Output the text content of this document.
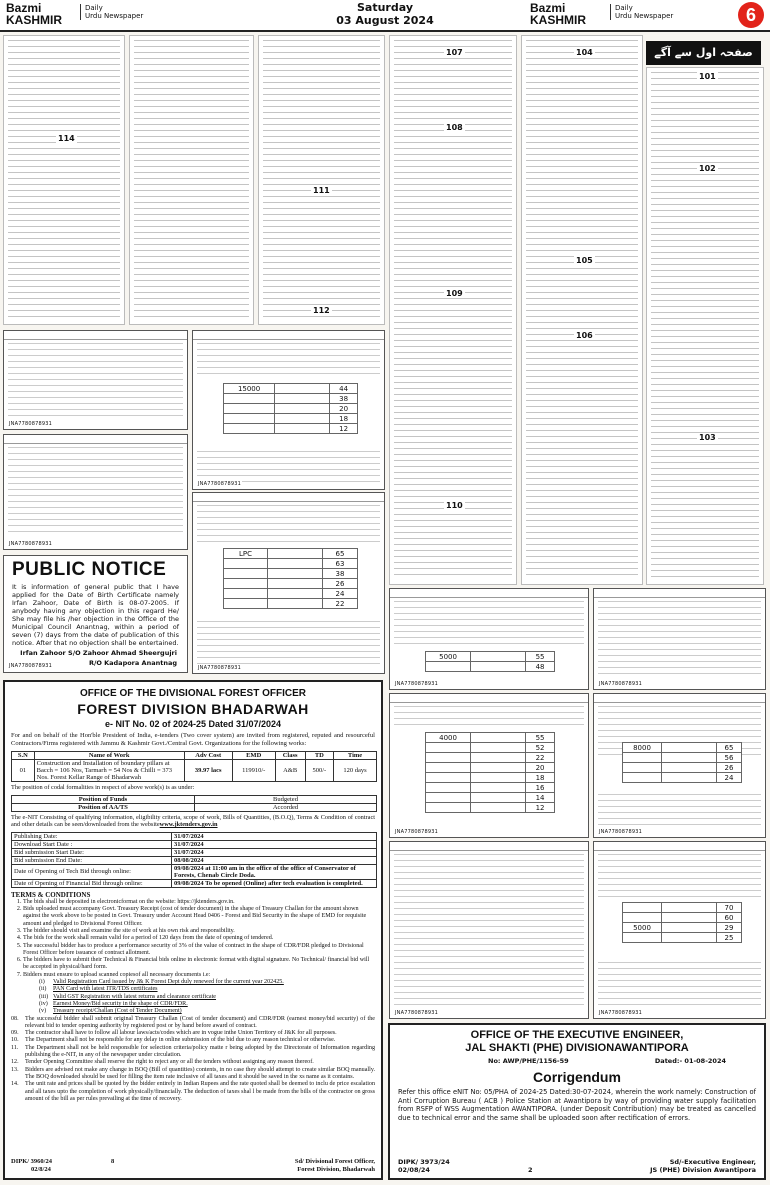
Bazmi
KASHMIR
Daily
Urdu Newspaper
Saturday
03 August 2024
Bazmi
KASHMIR
Daily
Urdu Newspaper	6
114
111
112
107
108
109
110
104
105
106
صفحہ اول سے آگے
101
102
103
JNA7780878931
JNA7780878931
15000		44
		38
		20
		18
		12
JNA7780878931
LPC		65
		63
		38
		26
		24
		22
JNA7780878931
PUBLIC NOTICE

It is information of general public that I have applied for the Date of Birth Certificate namely Irfan Zahoor, Date of Birth is 08-07-2005. If anybody having any objection in this regard He/ She may file his /her objection in the Office of the Municipal Council Anantnag, within a period of seven (7) days from the date of publication of this notice. After that no objection shall be entertained.

Irfan Zahoor S/O Zahoor Ahmad Sheergujri

R/O Kadapora Anantnag

JNA7780878931
5000		55
		48
JNA7780878931	JNA7780878931
4000		55
		52
		22
		20
		18
		16
		14
		12
JNA7780878931
8000		65
		56
		26
		24
JNA7780878931
JNA7780878931
		70
		60
5000		29
		25
JNA7780878931
OFFICE OF THE DIVISIONAL FOREST OFFICER
FOREST DIVISION BHADARWAH
e- NIT No. 02 of 2024-25 Dated 31/07/2024
For and on behalf of the Hon'ble President of India, e-tenders (Two cover system) are invited from registered, reputed and resourceful Contractors/Firms registered with Jammu & Kashmir Govt./Central Govt. Organizations for the following works:
S.N	Name of Work	Adv Cost	EMD	Class	TD	Time
01	Construction and Installation of boundary pillars at Bacch = 106 Nos, Tarmarh = 54 Nos & Chilli = 373 Nos. Forest Kellar Range of Bhadarwah	39.97 lacs	119910/-	A&B	500/-	120 days
The position of codal formalities in respect of above work(s) is as under:
Position of Funds	Budgeted
Position of AA/TS	Accorded
The e-NIT Consisting of qualifying information, eligibility criteria, scope of work, Bills of Quantities, (B.O.Q), Terms & Condition of contract and other details can be seen/downloaded from the websitewww.jktenders.gov.in
Publishing Date:	31/07/2024
Download Start Date :	31/07/2024
Bid submission Start Date:	31/07/2024
Bid submission End Date:	08/08/2024
Date of Opening of Tech Bid through online:	09/08/2024 at 11:00 am in the office of the office of Conservator of Forests, Chenab Circle Doda.
Date of Opening of Financial Bid through online:	09/08/2024 To be opened (Online) after tech evaluation is completed.
TERMS & CONDITIONS
1. The bids shall be deposited in electronicformat on the website: https://jktenders.gov.in.
2. Bids uploaded must accompany Govt. Treasury Receipt (cost of tender document) in the shape of Treasury Challan for the amount shown against the work above to be posted in Govt. Treasury under Account Head 0406 - Forest and Bid Security in the shape of EMD for requisite amount and pledged to Divisional Forest Officer.
3. The bidder should visit and examine the site of work at his own risk and responsibility.
4. The bids for the work shall remain valid for a period of 120 days from the date of opening of tendered.
5. The successful bidder has to produce a performance security of 3% of the value of contract in the shape of CDR/FDR pledged to Divisional Forest Officer before issuance of contract allotment.
6. The bidders have to submit their Technical & Financial bids online in electronic format with digital signature. No Technical/ financial bid will be accepted in physical/hard form.
7. Bidders must ensure to upload scanned copiesof all necessary documents i.e:
(i) Valid Registration Card issued by J& K Forest Dept duly renewed for the current year 202425.
(ii) PAN Card with latest ITR/TDS certificates
(iii) Valid GST Registration with latest returns and clearance certificate
(iv) Earnest Money/Bid security in the shape of CDR/FDR.
(v) Treasury receipt/Challan (Cost of Tender Document)
08.	The successful bidder shall submit original Treasury Challan (Cost of tender document) and CDR/FDR (earnest money/bid security) of the relevant bid to tender opening authority by registered post or by hand before award of contract.
09.	The contractor shall have to follow all labour laws/acts/codes which are in vogue inthe Union Territory of J&K for all purposes.
10.	The Department shall not be responsible for any delay in online submission of the bid due to any reason technical or otherwise.
11.	The Department shall not be held responsible for selection criteria/policy matte r being adopted by the Directorate of Information regarding publishing the e-NIT, in any of the newspaper under circulation.
12.	Tender Opening Committee shall reserve the right to reject any or all the tenders without assigning any reason thereof.
13.	Bidders are advised not make any change in BOQ (Bill of quantities) contents, in no case they should attempt to create similar BOQ manually. The BOQ downloaded should be used for filling the item rate inclusive of all taxes and it should be saved in the xs name as it contains.
14.	The unit rate and prices shall be quoted by the bidder entirely in Indian Rupees and the rate quoted shall be deemed to inclu de price escalation and all taxes upto the completion of work physically/financially. The deduction of taxes shal l be made from the bills of the contractor on gross amount of the bill as per rules prevailing at the time of recovery.
DIPK/ 3960/24
02/8/24
8	Sd/ Divisional Forest Officer,
Forest Division, Bhadarwah
OFFICE OF THE EXECUTIVE ENGINEER,
JAL SHAKTI (PHE) DIVISIONAWANTIPORA
No: AWP/PHE/1156-59	Dated:- 01-08-2024
Corrigendum

Refer this office eNIT No: 05/PHA of 2024-25 Dated:30-07-2024, wherein the work namely: Construction of Anti Corruption Bureau ( ACB ) Police Station at Awantipora by way of providing water supply facilitation from RSFP of WSS Augmentation AWANTIPORA. (under Deposit Contribution) may be treated as cancelled due to technical error and the same shall be uploaded soon after rectification of errors.

DIPK/ 3973/24
02/08/24	2
Sd/-Executive Engineer,
JS (PHE) Division Awantipora
